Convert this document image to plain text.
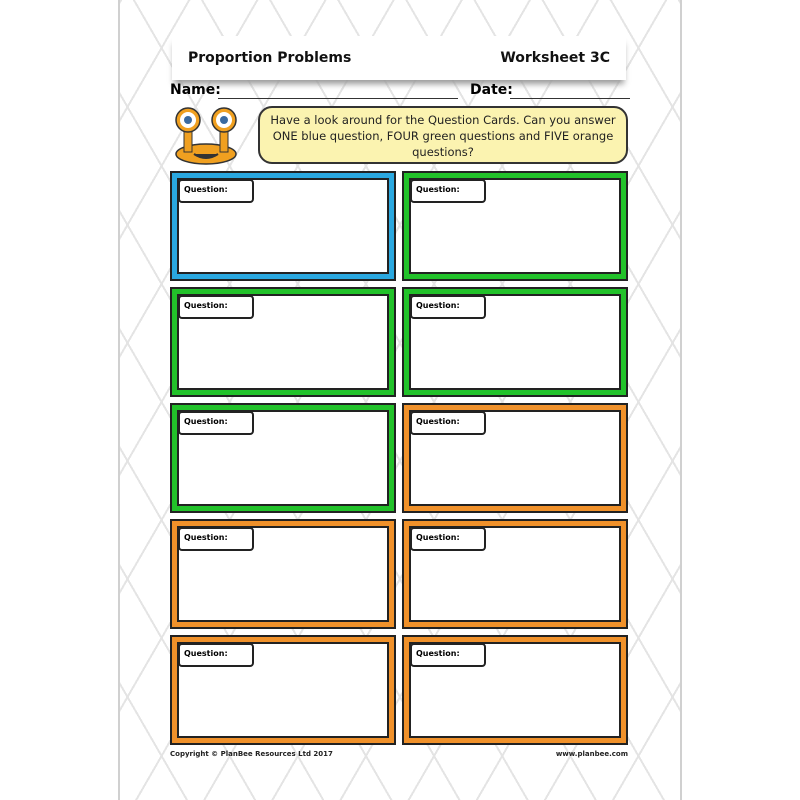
Proportion Problems	Worksheet 3C
Name:	Date:
Have a look around for the Question Cards. Can you answer ONE blue question, FOUR green questions and FIVE orange questions?
Question:	Question:
Question:	Question:
Question:	Question:
Question:	Question:
Question:	Question:
Copyright © PlanBee Resources Ltd 2017	www.planbee.com
